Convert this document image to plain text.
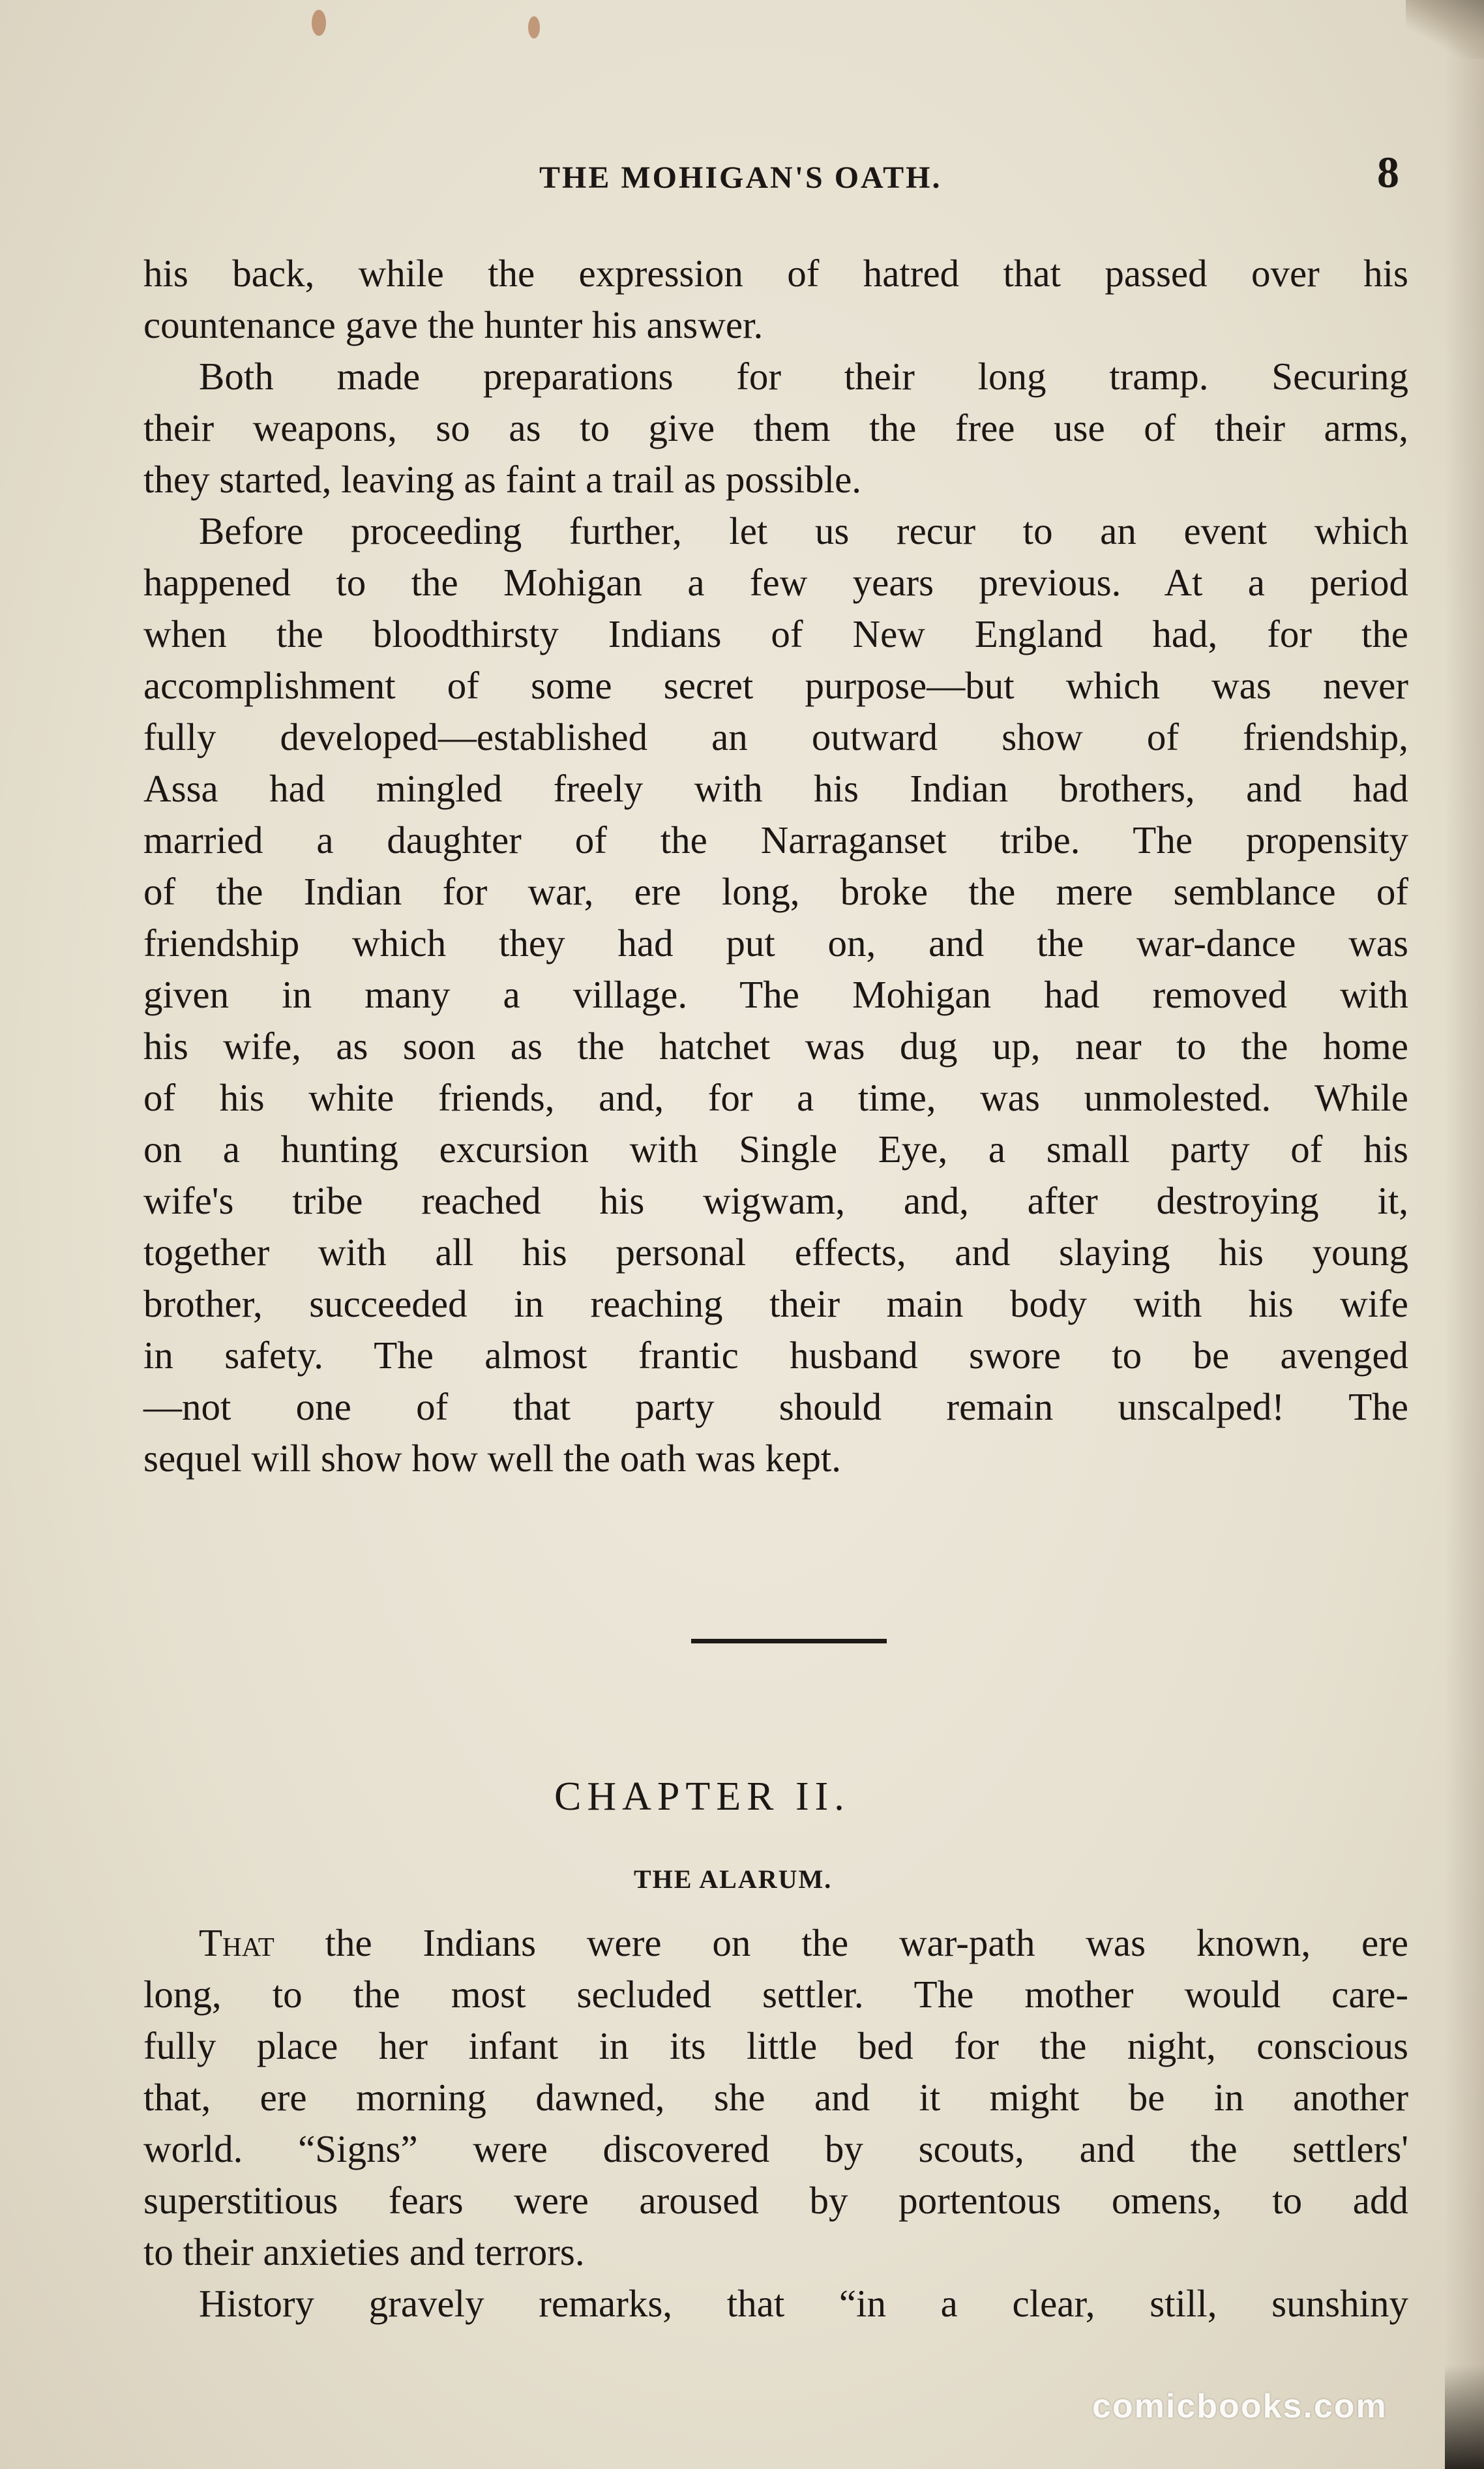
THE MOHIGAN'S OATH.	8
his back, while the expression of hatred that passed over his
countenance gave the hunter his answer.
Both made preparations for their long tramp. Securing
their weapons, so as to give them the free use of their arms,
they started, leaving as faint a trail as possible.
Before proceeding further, let us recur to an event which
happened to the Mohigan a few years previous. At a period
when the bloodthirsty Indians of New England had, for the
accomplishment of some secret purpose—but which was never
fully developed—established an outward show of friendship,
Assa had mingled freely with his Indian brothers, and had
married a daughter of the Narraganset tribe. The propensity
of the Indian for war, ere long, broke the mere semblance of
friendship which they had put on, and the war-dance was
given in many a village. The Mohigan had removed with
his wife, as soon as the hatchet was dug up, near to the home
of his white friends, and, for a time, was unmolested. While
on a hunting excursion with Single Eye, a small party of his
wife's tribe reached his wigwam, and, after destroying it,
together with all his personal effects, and slaying his young
brother, succeeded in reaching their main body with his wife
in safety. The almost frantic husband swore to be avenged
—not one of that party should remain unscalped! The
sequel will show how well the oath was kept.
CHAPTER II.
THE ALARUM.
That the Indians were on the war-path was known, ere
long, to the most secluded settler. The mother would care-
fully place her infant in its little bed for the night, conscious
that, ere morning dawned, she and it might be in another
world. “Signs” were discovered by scouts, and the settlers'
superstitious fears were aroused by portentous omens, to add
to their anxieties and terrors.
History gravely remarks, that “in a clear, still, sunshiny
comicbooks.com
